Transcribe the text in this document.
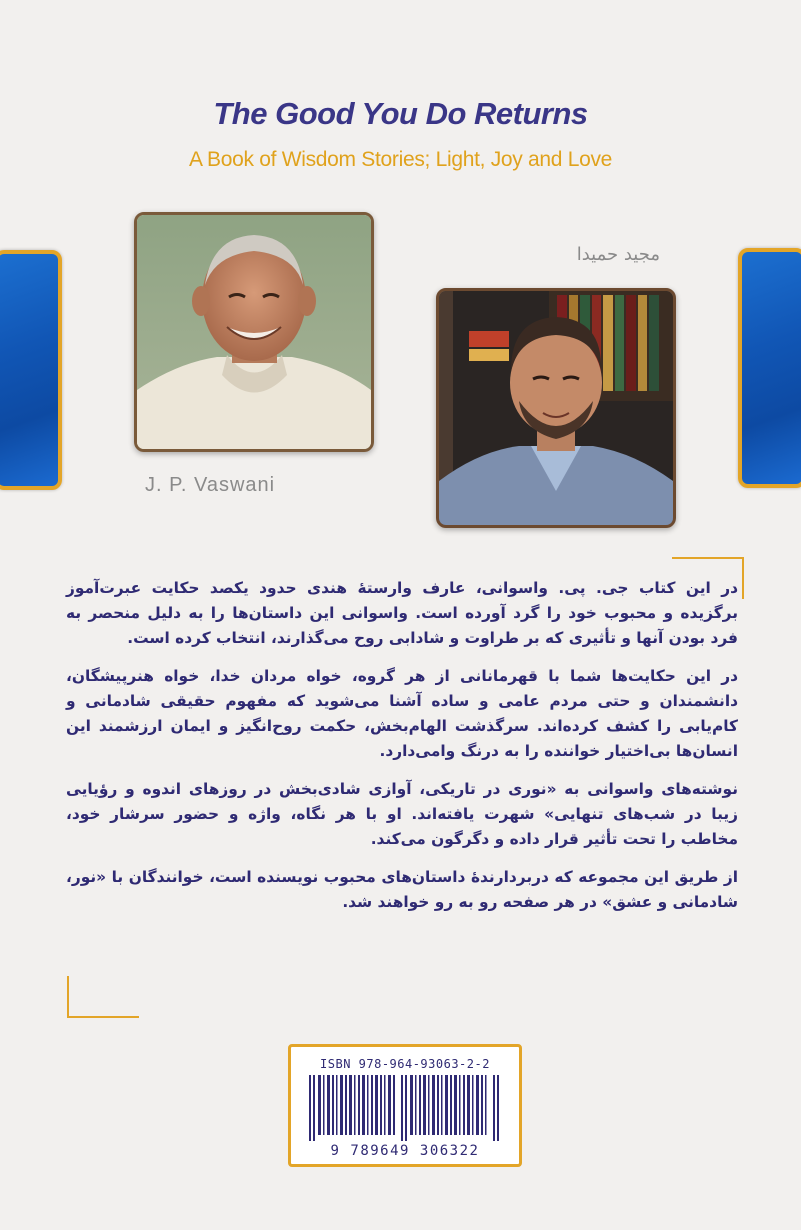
The Good You Do Returns
A Book of Wisdom Stories; Light, Joy and Love
J. P. Vaswani
مجید حمیدا

در این کتاب جی. پی. واسوانی، عارف وارستهٔ هندی حدود یکصد حکایت عبرت‌آموز برگزیده و محبوب خود را گرد آورده است. واسوانی این داستان‌ها را به دلیل منحصر به فرد بودن آنها و تأثیری که بر طراوت و شادابی روح می‌گذارند، انتخاب کرده است.

در این حکایت‌ها شما با قهرمانانی از هر گروه، خواه مردان خدا، خواه هنرپیشگان، دانشمندان و حتی مردم عامی و ساده آشنا می‌شوید که مفهوم حقیقی شادمانی و کام‌یابی را کشف کرده‌اند. سرگذشت الهام‌بخش، حکمت روح‌انگیز و ایمان ارزشمند این انسان‌ها بی‌اختیار خواننده را به درنگ وامی‌دارد.

نوشته‌های واسوانی به «نوری در تاریکی، آوازی شادی‌بخش در روزهای اندوه و رؤیایی زیبا در شب‌های تنهایی» شهرت یافته‌اند. او با هر نگاه، واژه و حضور سرشار خود، مخاطب را تحت تأثیر قرار داده و دگرگون می‌کند.

از طریق این مجموعه که دربردارندهٔ داستان‌های محبوب نویسنده است، خوانندگان با «نور، شادمانی و عشق» در هر صفحه رو به رو خواهند شد.

ISBN 978-964-93063-2-2
9 789649 306322
